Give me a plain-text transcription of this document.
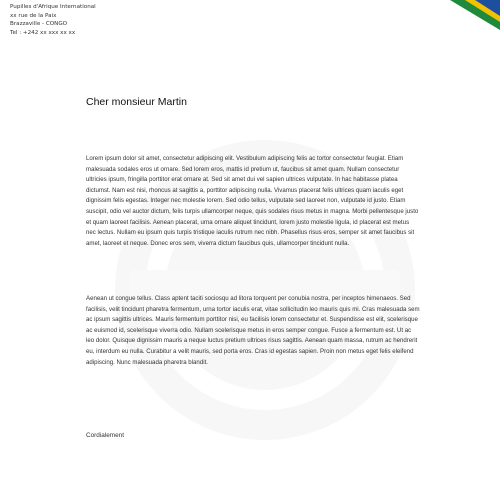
Pupilles d'Afrique International
xx rue de la Paix
Brazzaville - CONGO
Tel : +242 xx xxx xx xx
Cher monsieur Martin
Lorem ipsum dolor sit amet, consectetur adipiscing elit. Vestibulum adipiscing felis ac tortor consectetur feugiat. Etiam malesuada sodales eros ut ornare. Sed lorem eros, mattis id pretium ut, faucibus sit amet quam. Nullam consectetur ultricies ipsum, fringilla porttitor erat ornare at. Sed sit amet dui vel sapien ultrices vulputate. In hac habitasse platea dictumst. Nam est nisi, rhoncus at sagittis a, porttitor adipiscing nulla. Vivamus placerat felis ultrices quam iaculis eget dignissim felis egestas. Integer nec molestie lorem. Sed odio tellus, vulputate sed laoreet non, vulputate id justo. Etiam suscipit, odio vel auctor dictum, felis turpis ullamcorper neque, quis sodales risus metus in magna. Morbi pellentesque justo et quam laoreet facilisis. Aenean placerat, urna ornare aliquet tincidunt, lorem justo molestie ligula, id placerat est metus nec lectus. Nullam eu ipsum quis turpis tristique iaculis rutrum nec nibh. Phasellus risus eros, semper sit amet faucibus sit amet, laoreet et neque. Donec eros sem, viverra dictum faucibus quis, ullamcorper tincidunt nulla.
Aenean ut congue tellus. Class aptent taciti sociosqu ad litora torquent per conubia nostra, per inceptos himenaeos. Sed facilisis, velit tincidunt pharetra fermentum, urna tortor iaculis erat, vitae sollicitudin leo mauris quis mi. Cras malesuada sem ac ipsum sagittis ultrices. Mauris fermentum porttitor nisi, eu facilisis lorem consectetur et. Suspendisse est elit, scelerisque ac euismod id, scelerisque viverra odio. Nullam scelerisque metus in eros semper congue. Fusce a fermentum est. Ut ac leo dolor. Quisque dignissim mauris a neque luctus pretium ultrices risus sagittis. Aenean quam massa, rutrum ac hendrerit eu, interdum eu nulla. Curabitur a velit mauris, sed porta eros. Cras id egestas sapien. Proin non metus eget felis eleifend adipiscing. Nunc malesuada pharetra blandit.
Cordialement
